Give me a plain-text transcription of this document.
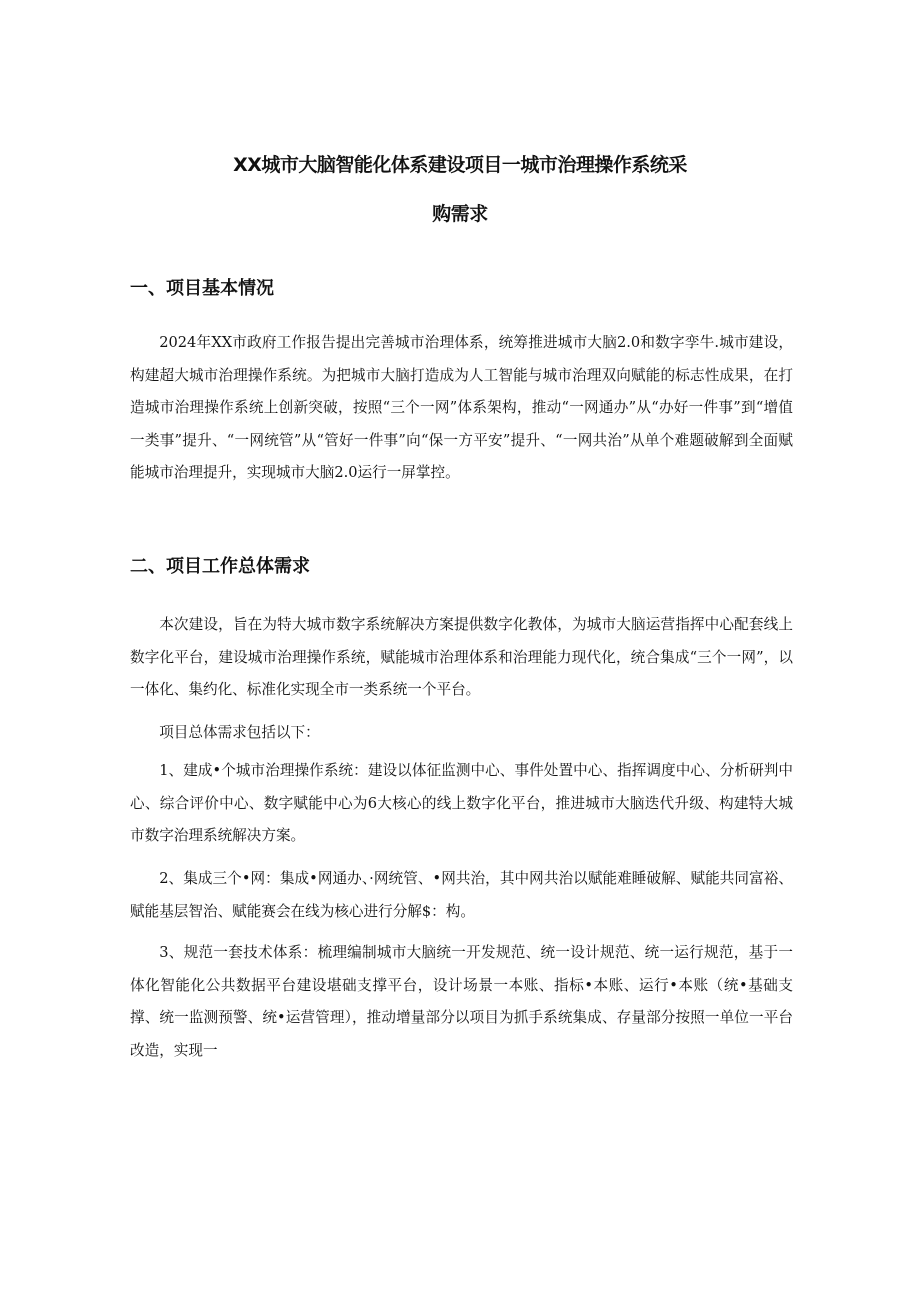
XX城市大脑智能化体系建设项目一城市治理操作系统采
购需求
一、项目基本情况

2024年XX市政府工作报告提出完善城市治理体系，统筹推进城市大脑2.0和数字孪牛.城市建设，构建超大城市治理操作系统。为把城市大脑打造成为人工智能与城市治理双向赋能的标志性成果，在打造城市治理操作系统上创新突破，按照“三个一网”体系架构，推动“一网通办”从“办好一件事”到“增值一类事”提升、“一网统管”从“管好一件事”向“保一方平安”提升、“一网共治”从单个难题破解到全面赋能城市治理提升，实现城市大脑2.0运行一屏掌控。

二、项目工作总体需求

本次建设，旨在为特大城市数字系统解决方案提供数字化教体，为城市大脑运营指挥中心配套线上数字化平台，建设城市治理操作系统，赋能城市治理体系和治理能力现代化，统合集成“三个一网”，以一体化、集约化、标准化实现全市一类系统一个平台。

项目总体需求包括以下：

1、建成•个城市治理操作系统：建设以体征监测中心、事件处置中心、指挥调度中心、分析研判中心、综合评价中心、数字赋能中心为6大核心的线上数字化平台，推进城市大脑迭代升级、构建特大城市数字治理系统解决方案。

2、集成三个•网：集成•网通办、·网统管、•网共治，其中网共治以赋能难睡破解、赋能共同富裕、赋能基层智治、赋能赛会在线为核心进行分解$：构。

3、规范一套技术体系：梳理编制城市大脑统一开发规范、统一设计规范、统一运行规范，基于一体化智能化公共数据平台建设堪础支撑平台，设计场景一本账、指标•本账、运行•本账（统•基础支撑、统一监测预警、统•运营管理），推动增量部分以项目为抓手系统集成、存量部分按照一单位一平台改造，实现一
